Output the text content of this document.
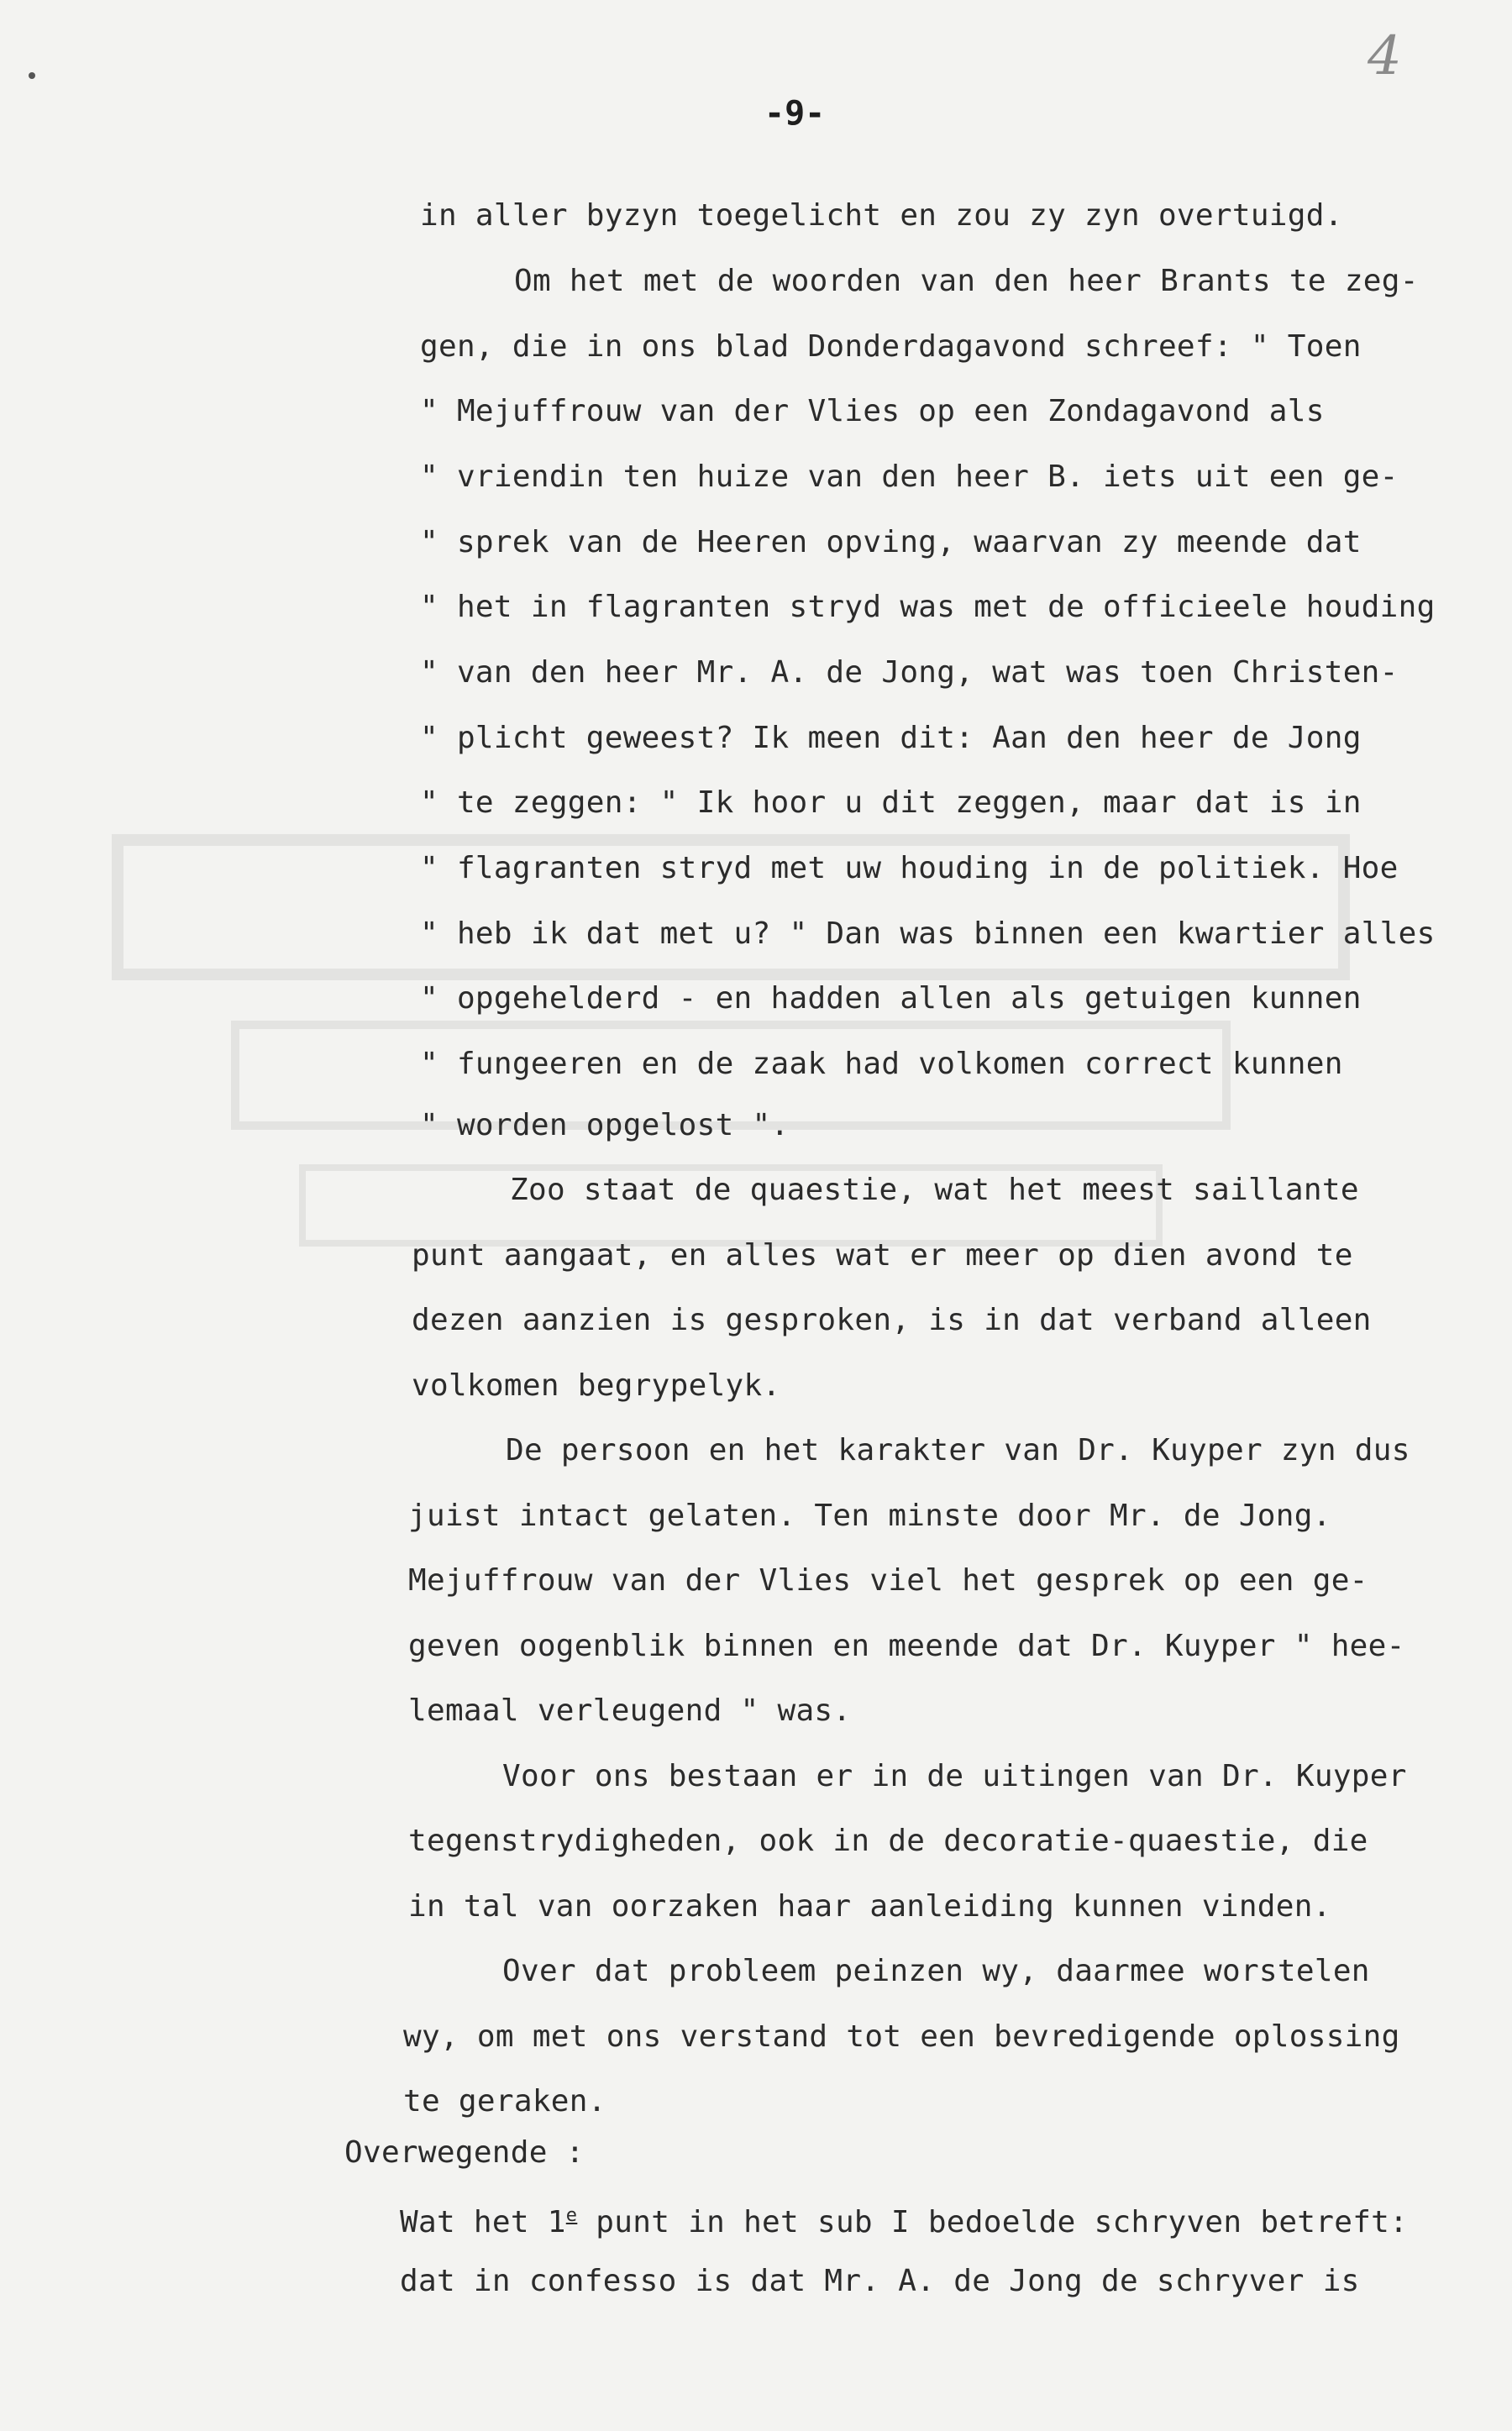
4
-9-
in aller byzyn toegelicht en zou zy zyn overtuigd.
Om het met de woorden van den heer Brants te zeg-
gen, die in ons blad Donderdagavond schreef: " Toen
" Mejuffrouw van der Vlies op een Zondagavond als
" vriendin ten huize van den heer B. iets uit een ge-
" sprek van de Heeren opving, waarvan zy meende dat
" het in flagranten stryd was met de officieele houding
" van den heer Mr. A. de Jong, wat was toen Christen-
" plicht geweest? Ik meen dit: Aan den heer de Jong
" te zeggen: " Ik hoor u dit zeggen, maar dat is in
" flagranten stryd met uw houding in de politiek. Hoe
" heb ik dat met u? " Dan was binnen een kwartier alles
" opgehelderd - en hadden allen als getuigen kunnen
" fungeeren en de zaak had volkomen correct kunnen
" worden opgelost ".
Zoo staat de quaestie, wat het meest saillante
punt aangaat, en alles wat er meer op dien avond te
dezen aanzien is gesproken, is in dat verband alleen
volkomen begrypelyk.
De persoon en het karakter van Dr. Kuyper zyn dus
juist intact gelaten. Ten minste door Mr. de Jong.
Mejuffrouw van der Vlies viel het gesprek op een ge-
geven oogenblik binnen en meende dat Dr. Kuyper " hee-
lemaal verleugend " was.
Voor ons bestaan er in de uitingen van Dr. Kuyper
tegenstrydigheden, ook in de decoratie-quaestie, die
in tal van oorzaken haar aanleiding kunnen vinden.
Over dat probleem peinzen wy, daarmee worstelen
wy, om met ons verstand tot een bevredigende oplossing
te geraken.
Overwegende :
Wat het 1e punt in het sub I bedoelde schryven betreft:
dat in confesso is dat Mr. A. de Jong de schryver is
